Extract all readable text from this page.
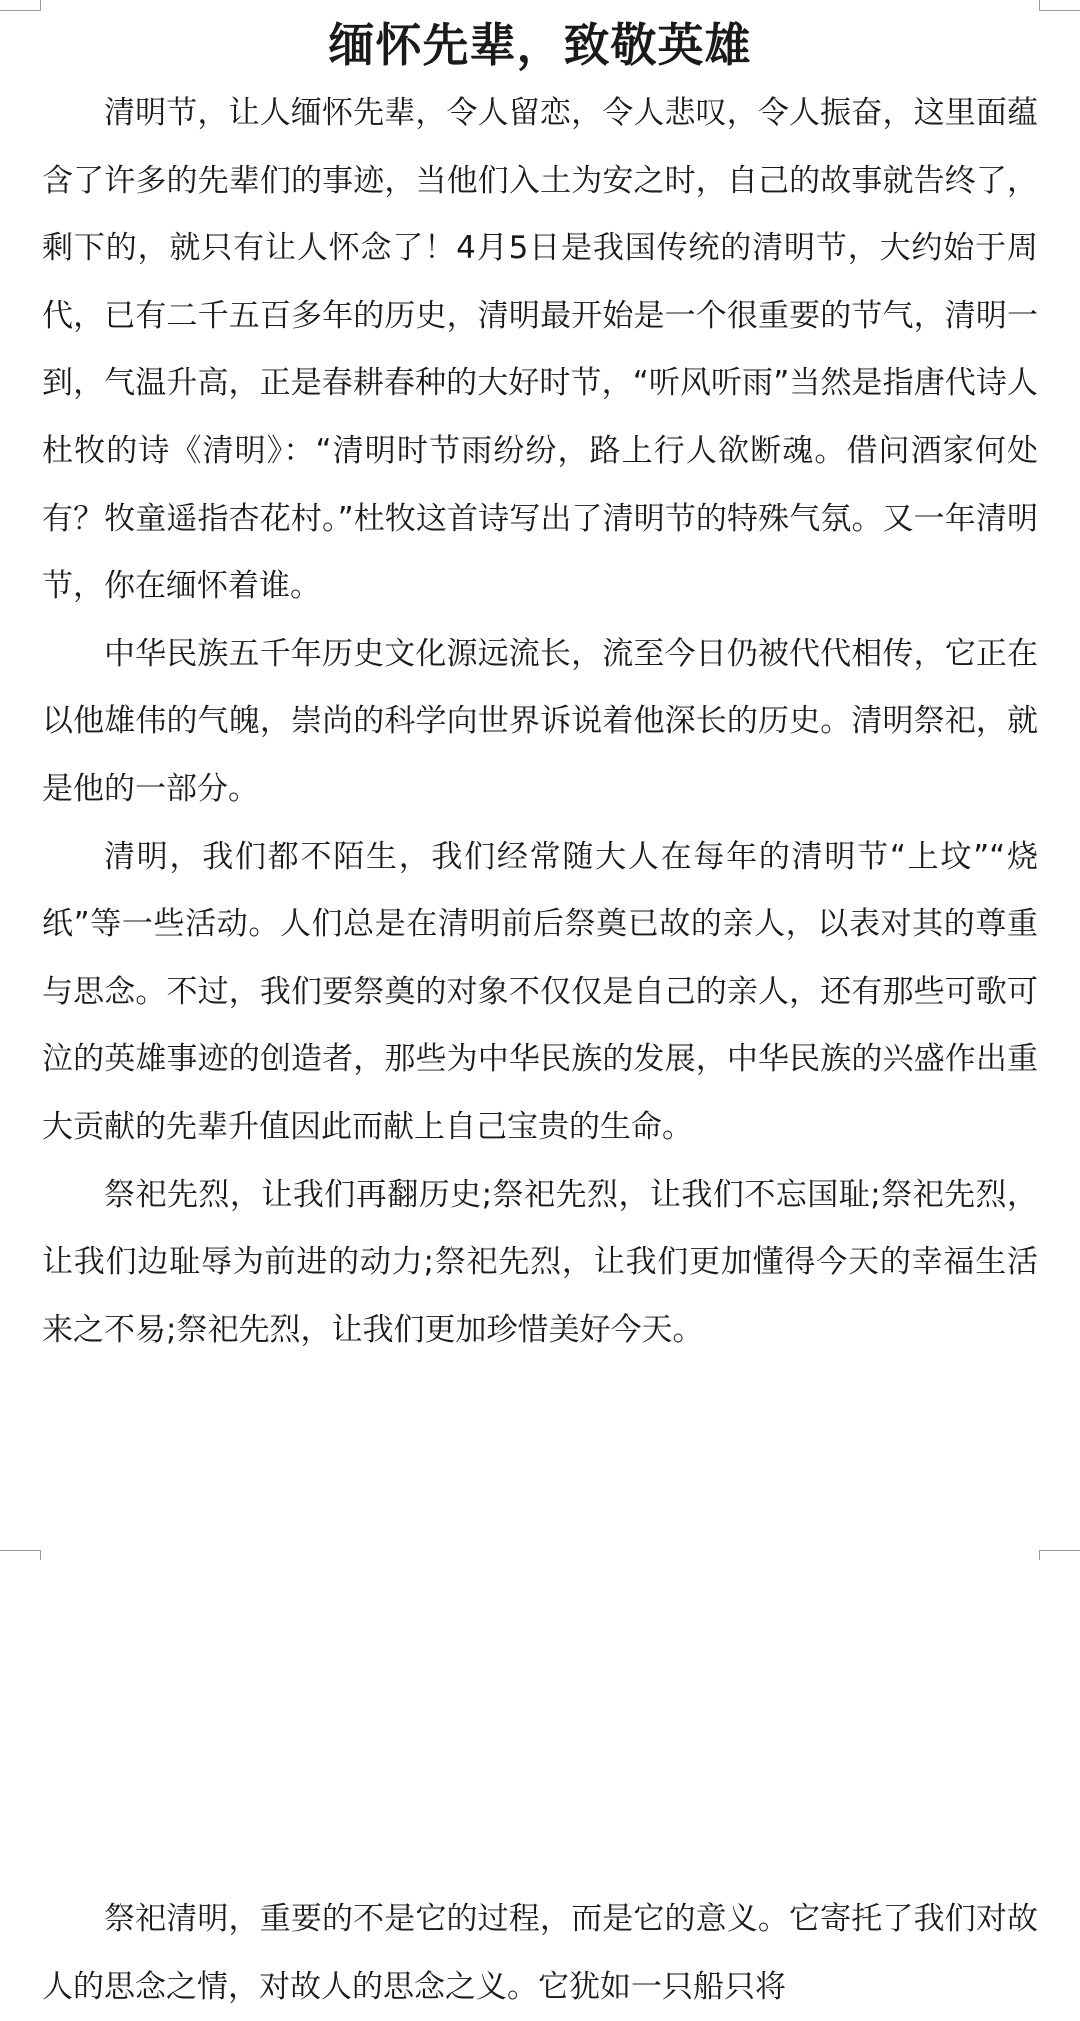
缅怀先辈，致敬英雄

清明节，让人缅怀先辈，令人留恋，令人悲叹，令人振奋，这里面蕴含了许多的先辈们的事迹，当他们入土为安之时，自己的故事就告终了，剩下的，就只有让人怀念了！4月5日是我国传统的清明节，大约始于周代，已有二千五百多年的历史，清明最开始是一个很重要的节气，清明一到，气温升高，正是春耕春种的大好时节，“听风听雨”当然是指唐代诗人杜牧的诗《清明》：“清明时节雨纷纷，路上行人欲断魂。借问酒家何处有？牧童遥指杏花村。”杜牧这首诗写出了清明节的特殊气氛。又一年清明节，你在缅怀着谁。

中华民族五千年历史文化源远流长，流至今日仍被代代相传，它正在以他雄伟的气魄，崇尚的科学向世界诉说着他深长的历史。清明祭祀，就是他的一部分。

清明，我们都不陌生，我们经常随大人在每年的清明节“上坟”“烧纸”等一些活动。人们总是在清明前后祭奠已故的亲人，以表对其的尊重与思念。不过，我们要祭奠的对象不仅仅是自己的亲人，还有那些可歌可泣的英雄事迹的创造者，那些为中华民族的发展，中华民族的兴盛作出重大贡献的先辈升值因此而献上自己宝贵的生命。

祭祀先烈，让我们再翻历史;祭祀先烈，让我们不忘国耻;祭祀先烈，让我们边耻辱为前进的动力;祭祀先烈，让我们更加懂得今天的幸福生活来之不易;祭祀先烈，让我们更加珍惜美好今天。

祭祀清明，重要的不是它的过程，而是它的意义。它寄托了我们对故人的思念之情，对故人的思念之义。它犹如一只船只将
